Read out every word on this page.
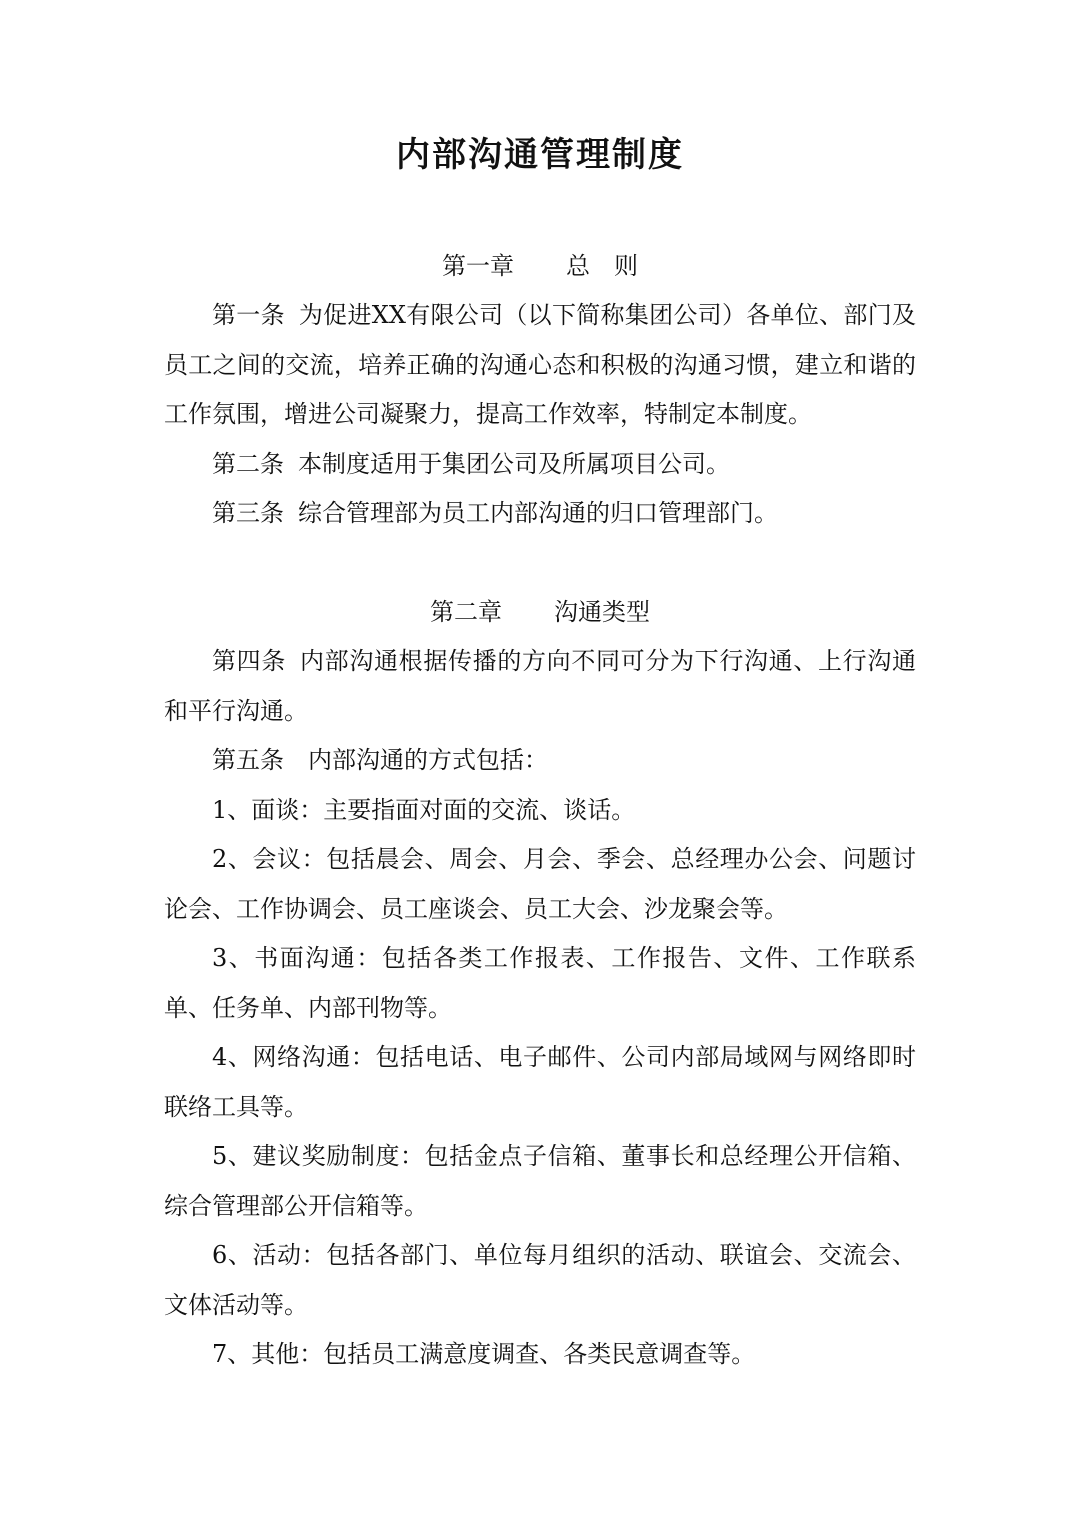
内部沟通管理制度
第一章 总 则

第一条 为促进XX有限公司（以下简称集团公司）各单位、部门及员工之间的交流，培养正确的沟通心态和积极的沟通习惯，建立和谐的工作氛围，增进公司凝聚力，提高工作效率，特制定本制度。

第二条 本制度适用于集团公司及所属项目公司。

第三条 综合管理部为员工内部沟通的归口管理部门。

第二章 沟通类型

第四条 内部沟通根据传播的方向不同可分为下行沟通、上行沟通和平行沟通。

第五条 内部沟通的方式包括：

1、面谈：主要指面对面的交流、谈话。

2、会议：包括晨会、周会、月会、季会、总经理办公会、问题讨论会、工作协调会、员工座谈会、员工大会、沙龙聚会等。

3、书面沟通：包括各类工作报表、工作报告、文件、工作联系单、任务单、内部刊物等。

4、网络沟通：包括电话、电子邮件、公司内部局域网与网络即时联络工具等。

5、建议奖励制度：包括金点子信箱、董事长和总经理公开信箱、综合管理部公开信箱等。

6、活动：包括各部门、单位每月组织的活动、联谊会、交流会、文体活动等。

7、其他：包括员工满意度调查、各类民意调查等。
